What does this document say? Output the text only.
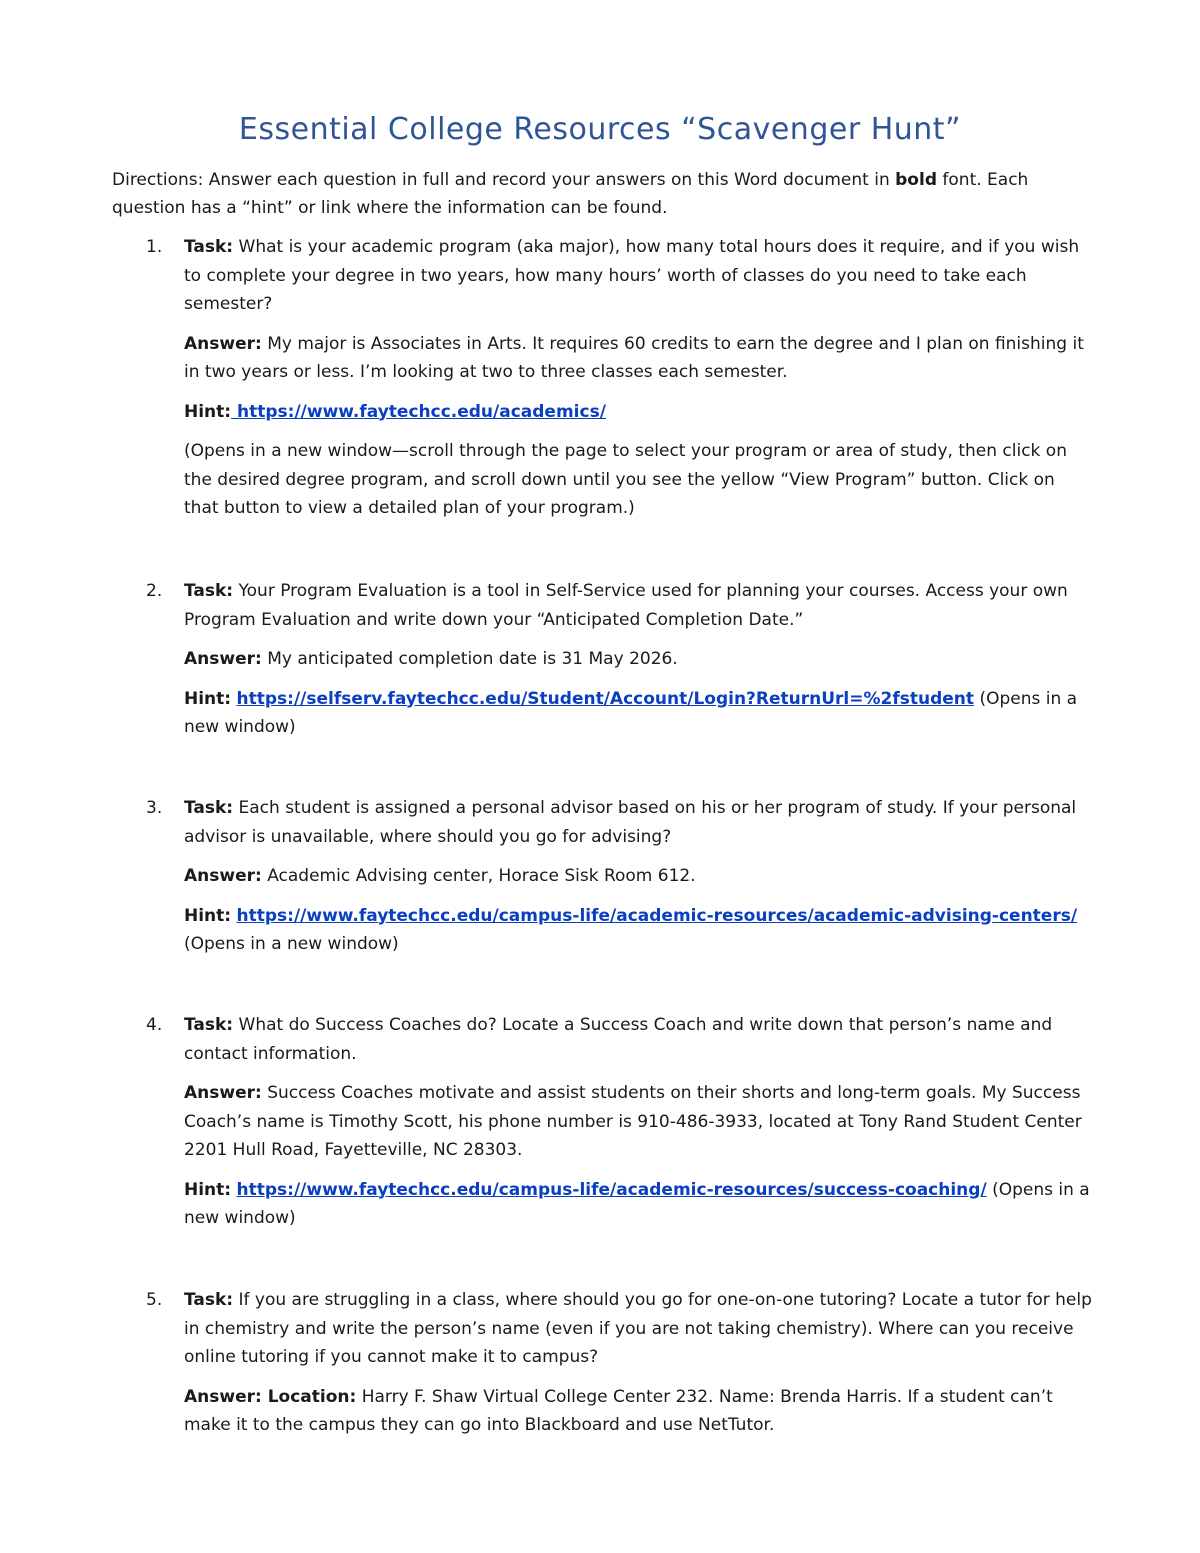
Essential College Resources “Scavenger Hunt”

Directions: Answer each question in full and record your answers on this Word document in bold font. Each question has a “hint” or link where the information can be found.

1. Task: What is your academic program (aka major), how many total hours does it require, and if you wish to complete your degree in two years, how many hours’ worth of classes do you need to take each semester?

Answer: My major is Associates in Arts. It requires 60 credits to earn the degree and I plan on finishing it in two years or less. I’m looking at two to three classes each semester.

Hint: https://www.faytechcc.edu/academics/

(Opens in a new window—scroll through the page to select your program or area of study, then click on the desired degree program, and scroll down until you see the yellow “View Program” button. Click on that button to view a detailed plan of your program.)

2. Task: Your Program Evaluation is a tool in Self-Service used for planning your courses. Access your own Program Evaluation and write down your “Anticipated Completion Date.”

Answer: My anticipated completion date is 31 May 2026.

Hint: https://selfserv.faytechcc.edu/Student/Account/Login?ReturnUrl=%2fstudent (Opens in a new window)

3. Task: Each student is assigned a personal advisor based on his or her program of study. If your personal advisor is unavailable, where should you go for advising?

Answer: Academic Advising center, Horace Sisk Room 612.

Hint: https://www.faytechcc.edu/campus-life/academic-resources/academic-advising-centers/ (Opens in a new window)

4. Task: What do Success Coaches do? Locate a Success Coach and write down that person’s name and contact information.

Answer: Success Coaches motivate and assist students on their shorts and long-term goals. My Success Coach’s name is Timothy Scott, his phone number is 910-486-3933, located at Tony Rand Student Center 2201 Hull Road, Fayetteville, NC 28303.

Hint: https://www.faytechcc.edu/campus-life/academic-resources/success-coaching/ (Opens in a new window)

5. Task: If you are struggling in a class, where should you go for one-on-one tutoring? Locate a tutor for help in chemistry and write the person’s name (even if you are not taking chemistry). Where can you receive online tutoring if you cannot make it to campus?

Answer: Location: Harry F. Shaw Virtual College Center 232. Name: Brenda Harris. If a student can’t make it to the campus they can go into Blackboard and use NetTutor.
